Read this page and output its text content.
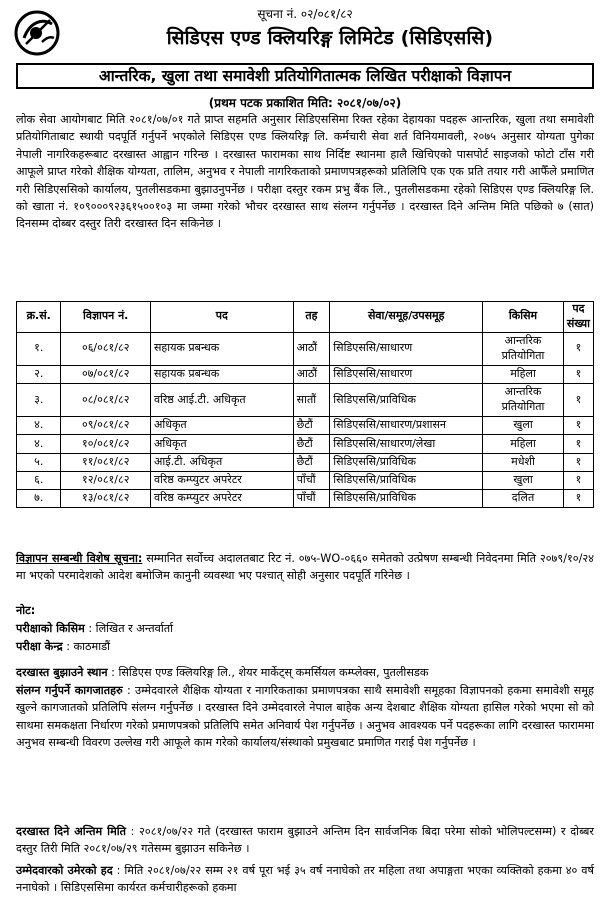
सूचना नं. ०२/०८१/८२
सिडिएस एण्ड क्लियरिङ्ग लिमिटेड (सिडिएससि)
आन्तरिक, खुला तथा समावेशी प्रतियोगितात्मक लिखित परीक्षाको विज्ञापन
(प्रथम पटक प्रकाशित मिति: २०८१/०७/०२)
लोक सेवा आयोगबाट मिति २०८१/०७/०१ गते प्राप्त सहमति अनुसार सिडिएससिमा रिक्त रहेका देहायका पदहरू आन्तरिक, खुला तथा समावेशी प्रतियोगिताबाट स्थायी पदपूर्ति गर्नुपर्ने भएकोले सिडिएस एण्ड क्लियरिङ्ग लि. कर्मचारी सेवा शर्त विनियमावली, २०७५ अनुसार योग्यता पुगेका नेपाली नागरिकहरूबाट दरखास्त आह्वान गरिन्छ । दरखास्त फारामका साथ निर्दिष्ट स्थानमा हालै खिचिएको पासपोर्ट साइजको फोटो टाँस गरी आफूले प्राप्त गरेको शैक्षिक योग्यता, तालिम, अनुभव र नेपाली नागरिकताको प्रमाणपत्रहरूको प्रतिलिपि एक एक प्रति तयार गरी आफैँले प्रमाणित गरी सिडिएससिको कार्यालय, पुतलीसडकमा बुझाउनुपर्नेछ । परीक्षा दस्तुर रकम प्रभु बैंक लि., पुतलीसडकमा रहेको सिडिएस एण्ड क्लियरिङ्ग लि. को खाता नं. १०९०००९२३६१५००१०३ मा जम्मा गरेको भौचर दरखास्त साथ संलग्न गर्नुपर्नेछ । दरखास्त दिने अन्तिम मिति पछिको ७ (सात) दिनसम्म दोब्बर दस्तुर तिरी दरखास्त दिन सकिनेछ ।
क्र.सं.	विज्ञापन नं.	पद	तह	सेवा/समूह/उपसमूह	किसिम	पद संख्या
१.	०६/०८१/८२	सहायक प्रबन्धक	आठौं	सिडिएससि/साधारण	आन्तरिक प्रतियोगिता	१
२.	०७/०८१/८२	सहायक प्रबन्धक	आठौं	सिडिएससि/साधारण	महिला	१
३.	०८/०८१/८२	वरिष्ठ आई.टी. अधिकृत	सातौं	सिडिएससि/प्राविधिक	आन्तरिक प्रतियोगिता	१
४.	०९/०८१/८२	अधिकृत	छैटौं	सिडिएससि/साधारण/प्रशासन	खुला	१
४.	१०/०८१/८२	अधिकृत	छैटौं	सिडिएससि/साधारण/लेखा	महिला	१
५.	११/०८१/८२	आई.टी. अधिकृत	छैटौं	सिडिएससि/प्राविधिक	मधेशी	१
६.	१२/०८१/८२	वरिष्ठ कम्प्युटर अपरेटर	पाँचौं	सिडिएससि/प्राविधिक	खुला	१
७.	१३/०८१/८२	वरिष्ठ कम्प्युटर अपरेटर	पाँचौं	सिडिएससि/प्राविधिक	दलित	१
विज्ञापन सम्बन्धी विशेष सूचना: सम्मानित सर्वोच्च अदालतबाट रिट नं. ०७५-WO-०६६० समेतको उत्प्रेषण सम्बन्धी निवेदनमा मिति २०७९/१०/२४ मा भएको परमादेशको आदेश बमोजिम कानुनी व्यवस्था भए पश्चात् सोही अनुसार पदपूर्ति गरिनेछ ।
नोट:
परीक्षाको किसिम : लिखित र अन्तर्वार्ता
परीक्षा केन्द्र : काठमाडौं
दरखास्त बुझाउने स्थान : सिडिएस एण्ड क्लियरिङ्ग लि., शेयर मार्केट्स् कमर्सियल कम्प्लेक्स, पुतलीसडक
संलग्न गर्नुपर्ने कागजातहरु : उम्मेदवारले शैक्षिक योग्यता र नागरिकताका प्रमाणपत्रका साथै समावेशी समूहका विज्ञापनको हकमा समावेशी समूह खुल्ने कागजातको प्रतिलिपि संलग्न गर्नुपर्नेछ । दरखास्त दिने उम्मेदवारले नेपाल बाहेक अन्य देशबाट शैक्षिक योग्यता हासिल गरेको भएमा सो को साथमा समकक्षता निर्धारण गरेको प्रमाणपत्रको प्रतिलिपि समेत अनिवार्य पेश गर्नुपर्नेछ । अनुभव आवश्यक पर्ने पदहरूका लागि दरखास्त फाराममा अनुभव सम्बन्धी विवरण उल्लेख गरी आफूले काम गरेको कार्यालय/संस्थाको प्रमुखबाट प्रमाणित गराई पेश गर्नुपर्नेछ ।
दरखास्त दिने अन्तिम मिति : २०८१/०७/२२ गते (दरखास्त फाराम बुझाउने अन्तिम दिन सार्वजनिक बिदा परेमा सोको भोलिपल्टसम्म) र दोब्बर दस्तुर तिरी मिति २०८१/०७/२९ गतेसम्म बुझाउन सकिनेछ ।
उम्मेदवारको उमेरको हद : मिति २०८१/०७/२२ सम्म २१ वर्ष पूरा भई ३५ वर्ष ननाघेको तर महिला तथा अपाङ्गता भएका व्यक्तिको हकमा ४० वर्ष ननाघेको । सिडिएससिमा कार्यरत कर्मचारीहरूको हकमा
